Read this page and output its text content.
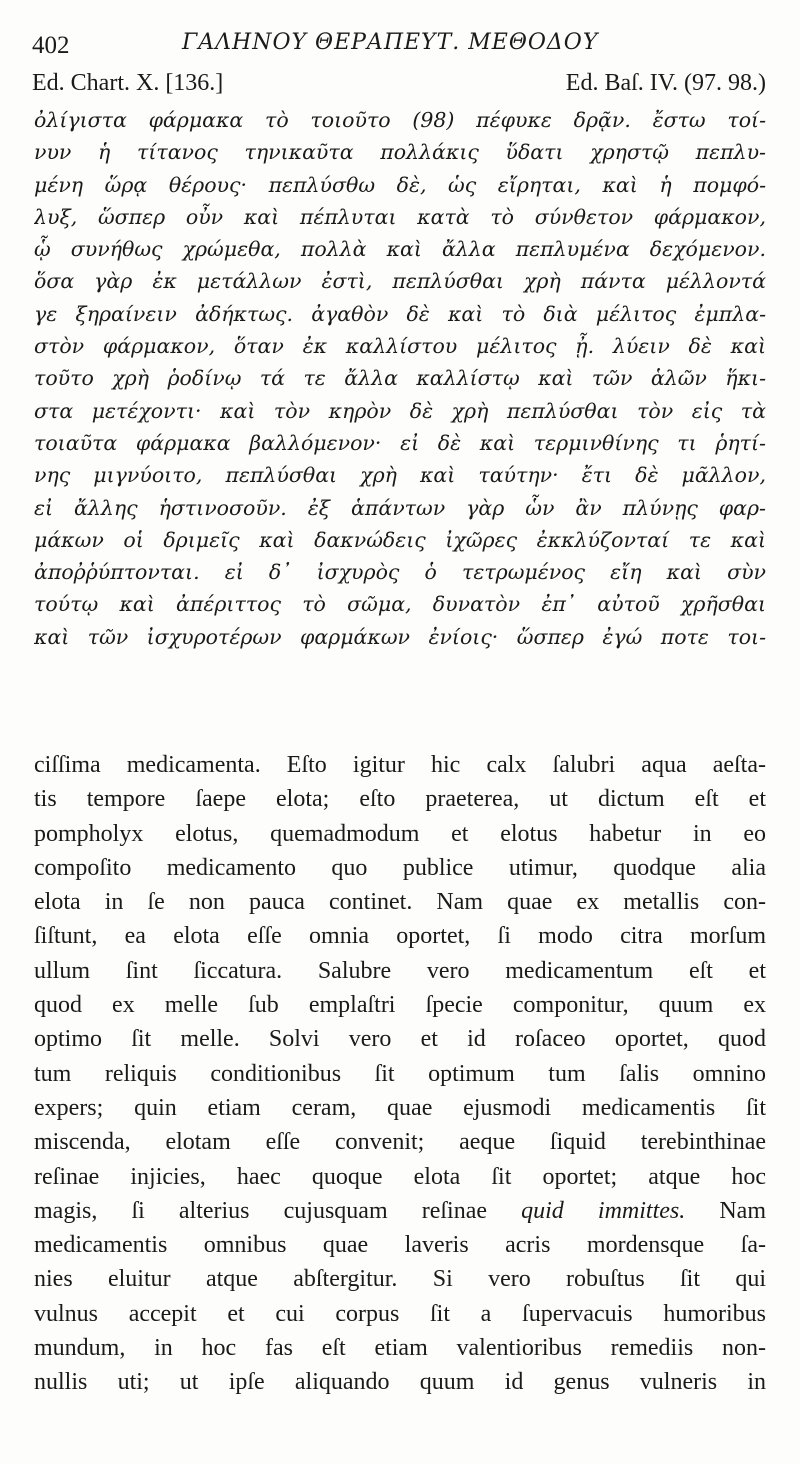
402	ΓΑΛΗΝΟΥ ΘΕΡΑΠΕΥΤ. ΜΕΘΟΔΟΥ
Ed. Chart. X. [136.]	Ed. Baſ. IV. (97. 98.)
ὀλίγιστα φάρμακα τὸ τοιοῦτο (98) πέφυκε δρᾷν. ἔστω τοί-
νυν ἡ τίτανος τηνικαῦτα πολλάκις ὕδατι χρηστῷ πεπλυ-
μένη ὥρᾳ θέρους· πεπλύσθω δὲ, ὡς εἴρηται, καὶ ἡ πομφό-
λυξ, ὥσπερ οὖν καὶ πέπλυται κατὰ τὸ σύνθετον φάρμακον,
ᾧ συνήθως χρώμεθα, πολλὰ καὶ ἄλλα πεπλυμένα δεχόμενον.
ὅσα γὰρ ἐκ μετάλλων ἐστὶ, πεπλύσθαι χρὴ πάντα μέλλοντά
γε ξηραίνειν ἀδήκτως. ἀγαθὸν δὲ καὶ τὸ διὰ μέλιτος ἐμπλα-
στὸν φάρμακον, ὅταν ἐκ καλλίστου μέλιτος ᾖ. λύειν δὲ καὶ
τοῦτο χρὴ ῥοδίνῳ τά τε ἄλλα καλλίστῳ καὶ τῶν ἁλῶν ἥκι-
στα μετέχοντι· καὶ τὸν κηρὸν δὲ χρὴ πεπλύσθαι τὸν εἰς τὰ
τοιαῦτα φάρμακα βαλλόμενον· εἰ δὲ καὶ τερμινθίνης τι ῥητί-
νης μιγνύοιτο, πεπλύσθαι χρὴ καὶ ταύτην· ἔτι δὲ μᾶλλον,
εἰ ἄλλης ἡστινοσοῦν. ἐξ ἁπάντων γὰρ ὧν ἂν πλύνῃς φαρ-
μάκων οἱ δριμεῖς καὶ δακνώδεις ἰχῶρες ἐκκλύζονταί τε καὶ
ἀποῤῥύπτονται. εἰ δ᾽ ἰσχυρὸς ὁ τετρωμένος εἴη καὶ σὺν
τούτῳ καὶ ἀπέριττος τὸ σῶμα, δυνατὸν ἐπ᾽ αὐτοῦ χρῆσθαι
καὶ τῶν ἰσχυροτέρων φαρμάκων ἐνίοις· ὥσπερ ἐγώ ποτε τοι-
ciſſima medicamenta. Eſto igitur hic calx ſalubri aqua aeſta-
tis tempore ſaepe elota; eſto praeterea, ut dictum eſt et
pompholyx elotus, quemadmodum et elotus habetur in eo
compoſito medicamento quo publice utimur, quodque alia
elota in ſe non pauca continet. Nam quae ex metallis con-
ſiſtunt, ea elota eſſe omnia oportet, ſi modo citra morſum
ullum ſint ſiccatura. Salubre vero medicamentum eſt et
quod ex melle ſub emplaſtri ſpecie componitur, quum ex
optimo ſit melle. Solvi vero et id roſaceo oportet, quod
tum reliquis conditionibus ſit optimum tum ſalis omnino
expers; quin etiam ceram, quae ejusmodi medicamentis ſit
miscenda, elotam eſſe convenit; aeque ſiquid terebinthinae
reſinae injicies, haec quoque elota ſit oportet; atque hoc
magis, ſi alterius cujusquam reſinae quid immittes. Nam
medicamentis omnibus quae laveris acris mordensque ſa-
nies eluitur atque abſtergitur. Si vero robuſtus ſit qui
vulnus accepit et cui corpus ſit a ſupervacuis humoribus
mundum, in hoc fas eſt etiam valentioribus remediis non-
nullis uti; ut ipſe aliquando quum id genus vulneris in
